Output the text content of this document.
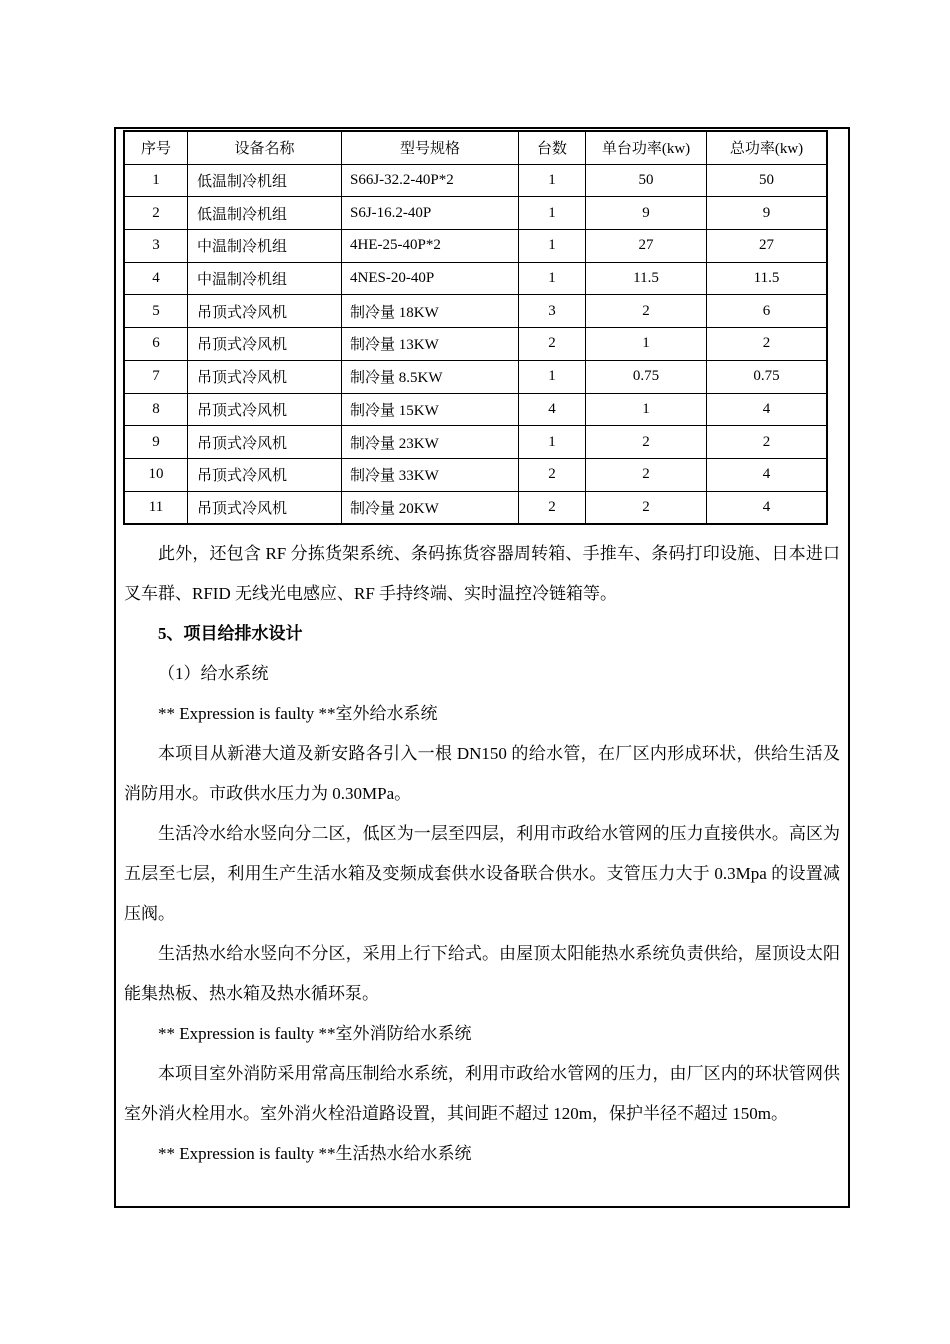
序号	设备名称	型号规格	台数	单台功率(kw)	总功率(kw)
1	低温制冷机组	S66J-32.2-40P*2	1	50	50
2	低温制冷机组	S6J-16.2-40P	1	9	9
3	中温制冷机组	4HE-25-40P*2	1	27	27
4	中温制冷机组	4NES-20-40P	1	11.5	11.5
5	吊顶式冷风机	制冷量 18KW	3	2	6
6	吊顶式冷风机	制冷量 13KW	2	1	2
7	吊顶式冷风机	制冷量 8.5KW	1	0.75	0.75
8	吊顶式冷风机	制冷量 15KW	4	1	4
9	吊顶式冷风机	制冷量 23KW	1	2	2
10	吊顶式冷风机	制冷量 33KW	2	2	4
11	吊顶式冷风机	制冷量 20KW	2	2	4

此外，还包含 RF 分拣货架系统、条码拣货容器周转箱、手推车、条码打印设施、日本进口叉车群、RFID 无线光电感应、RF 手持终端、实时温控冷链箱等。

5、项目给排水设计

（1）给水系统

** Expression is faulty **室外给水系统

本项目从新港大道及新安路各引入一根 DN150 的给水管，在厂区内形成环状，供给生活及消防用水。市政供水压力为 0.30MPa。

生活冷水给水竖向分二区，低区为一层至四层，利用市政给水管网的压力直接供水。高区为五层至七层，利用生产生活水箱及变频成套供水设备联合供水。支管压力大于 0.3Mpa 的设置减压阀。

生活热水给水竖向不分区，采用上行下给式。由屋顶太阳能热水系统负责供给，屋顶设太阳能集热板、热水箱及热水循环泵。

** Expression is faulty **室外消防给水系统

本项目室外消防采用常高压制给水系统，利用市政给水管网的压力，由厂区内的环状管网供室外消火栓用水。室外消火栓沿道路设置，其间距不超过 120m，保护半径不超过 150m。

** Expression is faulty **生活热水给水系统
